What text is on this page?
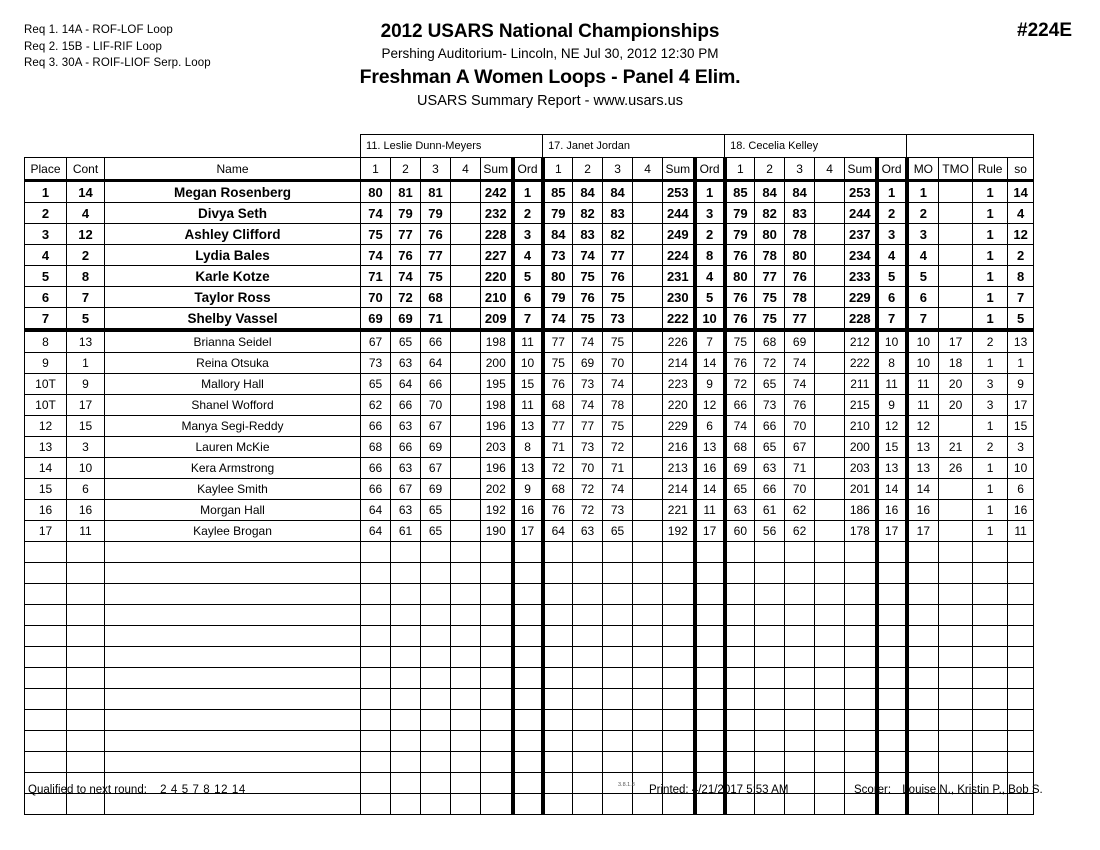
Req 1. 14A - ROF-LOF Loop
Req 2. 15B - LIF-RIF Loop
Req 3. 30A - ROIF-LIOF Serp. Loop
2012 USARS National Championships
Pershing Auditorium- Lincoln, NE Jul 30, 2012 12:30 PM
Freshman A Women Loops - Panel 4 Elim.
USARS Summary Report - www.usars.us
#224E
			11. Leslie Dunn-Meyers						17. Janet Jordan						18. Cecelia Kelley									
Place	Cont	Name	1	2	3	4	Sum	Ord	1	2	3	4	Sum	Ord	1	2	3	4	Sum	Ord	MO	TMO	Rule	so
1	14	Megan Rosenberg	80	81	81		242	1	85	84	84		253	1	85	84	84		253	1	1		1	14
2	4	Divya Seth	74	79	79		232	2	79	82	83		244	3	79	82	83		244	2	2		1	4
3	12	Ashley Clifford	75	77	76		228	3	84	83	82		249	2	79	80	78		237	3	3		1	12
4	2	Lydia Bales	74	76	77		227	4	73	74	77		224	8	76	78	80		234	4	4		1	2
5	8	Karle Kotze	71	74	75		220	5	80	75	76		231	4	80	77	76		233	5	5		1	8
6	7	Taylor Ross	70	72	68		210	6	79	76	75		230	5	76	75	78		229	6	6		1	7
7	5	Shelby Vassel	69	69	71		209	7	74	75	73		222	10	76	75	77		228	7	7		1	5
8	13	Brianna Seidel	67	65	66		198	11	77	74	75		226	7	75	68	69		212	10	10	17	2	13
9	1	Reina Otsuka	73	63	64		200	10	75	69	70		214	14	76	72	74		222	8	10	18	1	1
10T	9	Mallory Hall	65	64	66		195	15	76	73	74		223	9	72	65	74		211	11	11	20	3	9
10T	17	Shanel Wofford	62	66	70		198	11	68	74	78		220	12	66	73	76		215	9	11	20	3	17
12	15	Manya Segi-Reddy	66	63	67		196	13	77	77	75		229	6	74	66	70		210	12	12		1	15
13	3	Lauren McKie	68	66	69		203	8	71	73	72		216	13	68	65	67		200	15	13	21	2	3
14	10	Kera Armstrong	66	63	67		196	13	72	70	71		213	16	69	63	71		203	13	13	26	1	10
15	6	Kaylee Smith	66	67	69		202	9	68	72	74		214	14	65	66	70		201	14	14		1	6
16	16	Morgan Hall	64	63	65		192	16	76	72	73		221	11	63	61	62		186	16	16		1	16
17	11	Kaylee Brogan	64	61	65		190	17	64	63	65		192	17	60	56	62		178	17	17		1	11

Qualified to next round: 2 4 5 7 8 12 14	3.8.1.8 Printed: 4/21/2017 5:53 AM	Scorer: Louise N., Kristin P., Bob S.
